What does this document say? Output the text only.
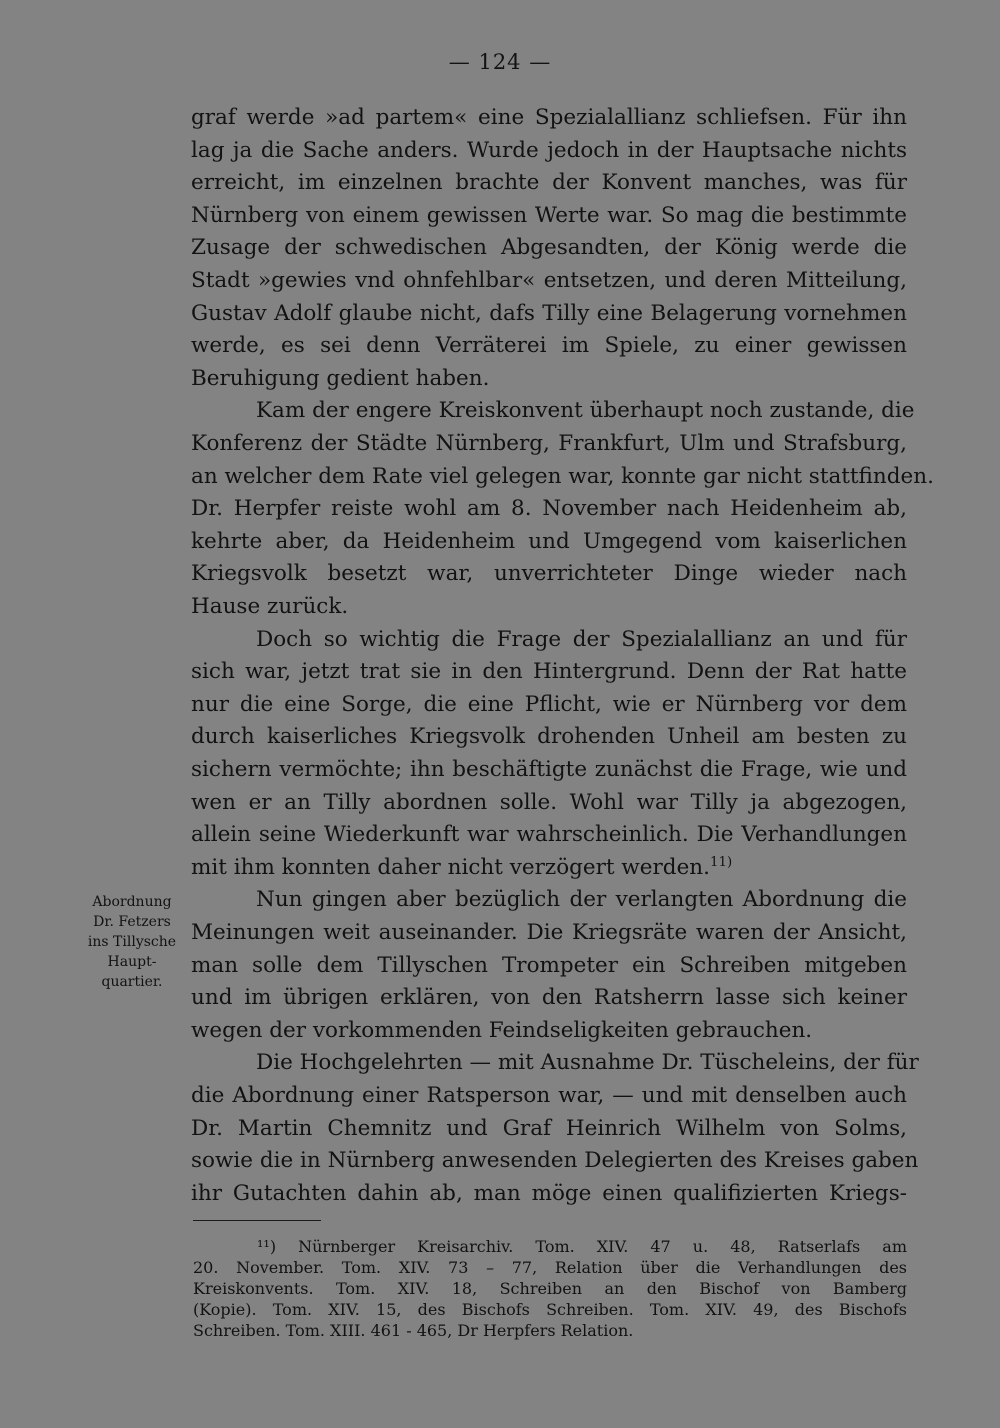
— 124 —
graf werde »ad partem« eine Spezialallianz schliefsen. Für ihn
lag ja die Sache anders. Wurde jedoch in der Hauptsache nichts
erreicht, im einzelnen brachte der Konvent manches, was für
Nürnberg von einem gewissen Werte war. So mag die bestimmte
Zusage der schwedischen Abgesandten, der König werde die
Stadt »gewies vnd ohnfehlbar« entsetzen, und deren Mitteilung,
Gustav Adolf glaube nicht, dafs Tilly eine Belagerung vornehmen
werde, es sei denn Verräterei im Spiele, zu einer gewissen
Beruhigung gedient haben.
Kam der engere Kreiskonvent überhaupt noch zustande, die
Konferenz der Städte Nürnberg, Frankfurt, Ulm und Strafsburg,
an welcher dem Rate viel gelegen war, konnte gar nicht stattfinden.
Dr. Herpfer reiste wohl am 8. November nach Heidenheim ab,
kehrte aber, da Heidenheim und Umgegend vom kaiserlichen
Kriegsvolk besetzt war, unverrichteter Dinge wieder nach
Hause zurück.
Doch so wichtig die Frage der Spezialallianz an und für
sich war, jetzt trat sie in den Hintergrund. Denn der Rat hatte
nur die eine Sorge, die eine Pflicht, wie er Nürnberg vor dem
durch kaiserliches Kriegsvolk drohenden Unheil am besten zu
sichern vermöchte; ihn beschäftigte zunächst die Frage, wie und
wen er an Tilly abordnen solle. Wohl war Tilly ja abgezogen,
allein seine Wiederkunft war wahrscheinlich. Die Verhandlungen
mit ihm konnten daher nicht verzögert werden.$^{11)}$
Nun gingen aber bezüglich der verlangten Abordnung die
Meinungen weit auseinander. Die Kriegsräte waren der Ansicht,
man solle dem Tillyschen Trompeter ein Schreiben mitgeben
und im übrigen erklären, von den Ratsherrn lasse sich keiner
wegen der vorkommenden Feindseligkeiten gebrauchen.
Die Hochgelehrten — mit Ausnahme Dr. Tüscheleins, der für
die Abordnung einer Ratsperson war, — und mit denselben auch
Dr. Martin Chemnitz und Graf Heinrich Wilhelm von Solms,
sowie die in Nürnberg anwesenden Delegierten des Kreises gaben
ihr Gutachten dahin ab, man möge einen qualifizierten Kriegs-
Abordnung
Dr. Fetzers
ins Tillysche
Haupt-
quartier.
¹¹) Nürnberger Kreisarchiv. Tom. XIV. 47 u. 48, Ratserlafs am
20. November. Tom. XIV. 73 – 77, Relation über die Verhandlungen des
Kreiskonvents. Tom. XIV. 18, Schreiben an den Bischof von Bamberg
(Kopie). Tom. XIV. 15, des Bischofs Schreiben. Tom. XIV. 49, des Bischofs
Schreiben. Tom. XIII. 461 - 465, Dr Herpfers Relation.
